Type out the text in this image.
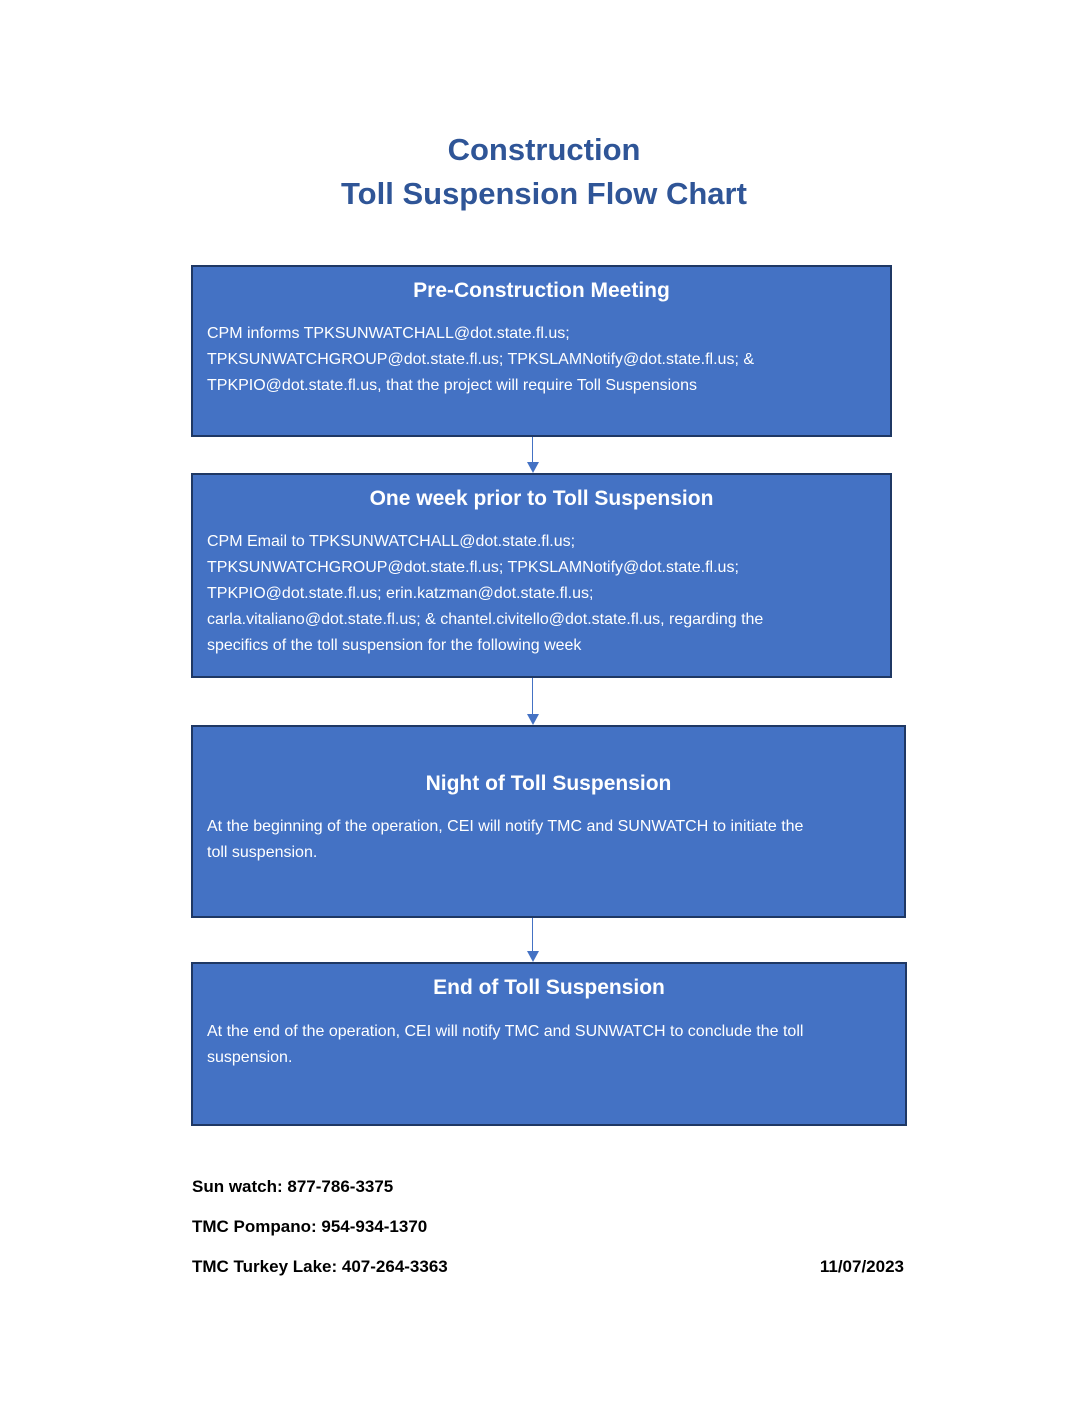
Construction
Toll Suspension Flow Chart
Pre-Construction Meeting
CPM informs TPKSUNWATCHALL@dot.state.fl.us;
TPKSUNWATCHGROUP@dot.state.fl.us; TPKSLAMNotify@dot.state.fl.us; &
TPKPIO@dot.state.fl.us, that the project will require Toll Suspensions
One week prior to Toll Suspension
CPM Email to TPKSUNWATCHALL@dot.state.fl.us;
TPKSUNWATCHGROUP@dot.state.fl.us; TPKSLAMNotify@dot.state.fl.us;
TPKPIO@dot.state.fl.us; erin.katzman@dot.state.fl.us;
carla.vitaliano@dot.state.fl.us; & chantel.civitello@dot.state.fl.us, regarding the
specifics of the toll suspension for the following week
Night of Toll Suspension
At the beginning of the operation, CEI will notify TMC and SUNWATCH to initiate the
toll suspension.
End of Toll Suspension
At the end of the operation, CEI will notify TMC and SUNWATCH to conclude the toll
suspension.
Sun watch: 877-786-3375
TMC Pompano: 954-934-1370
TMC Turkey Lake: 407-264-3363	11/07/2023
